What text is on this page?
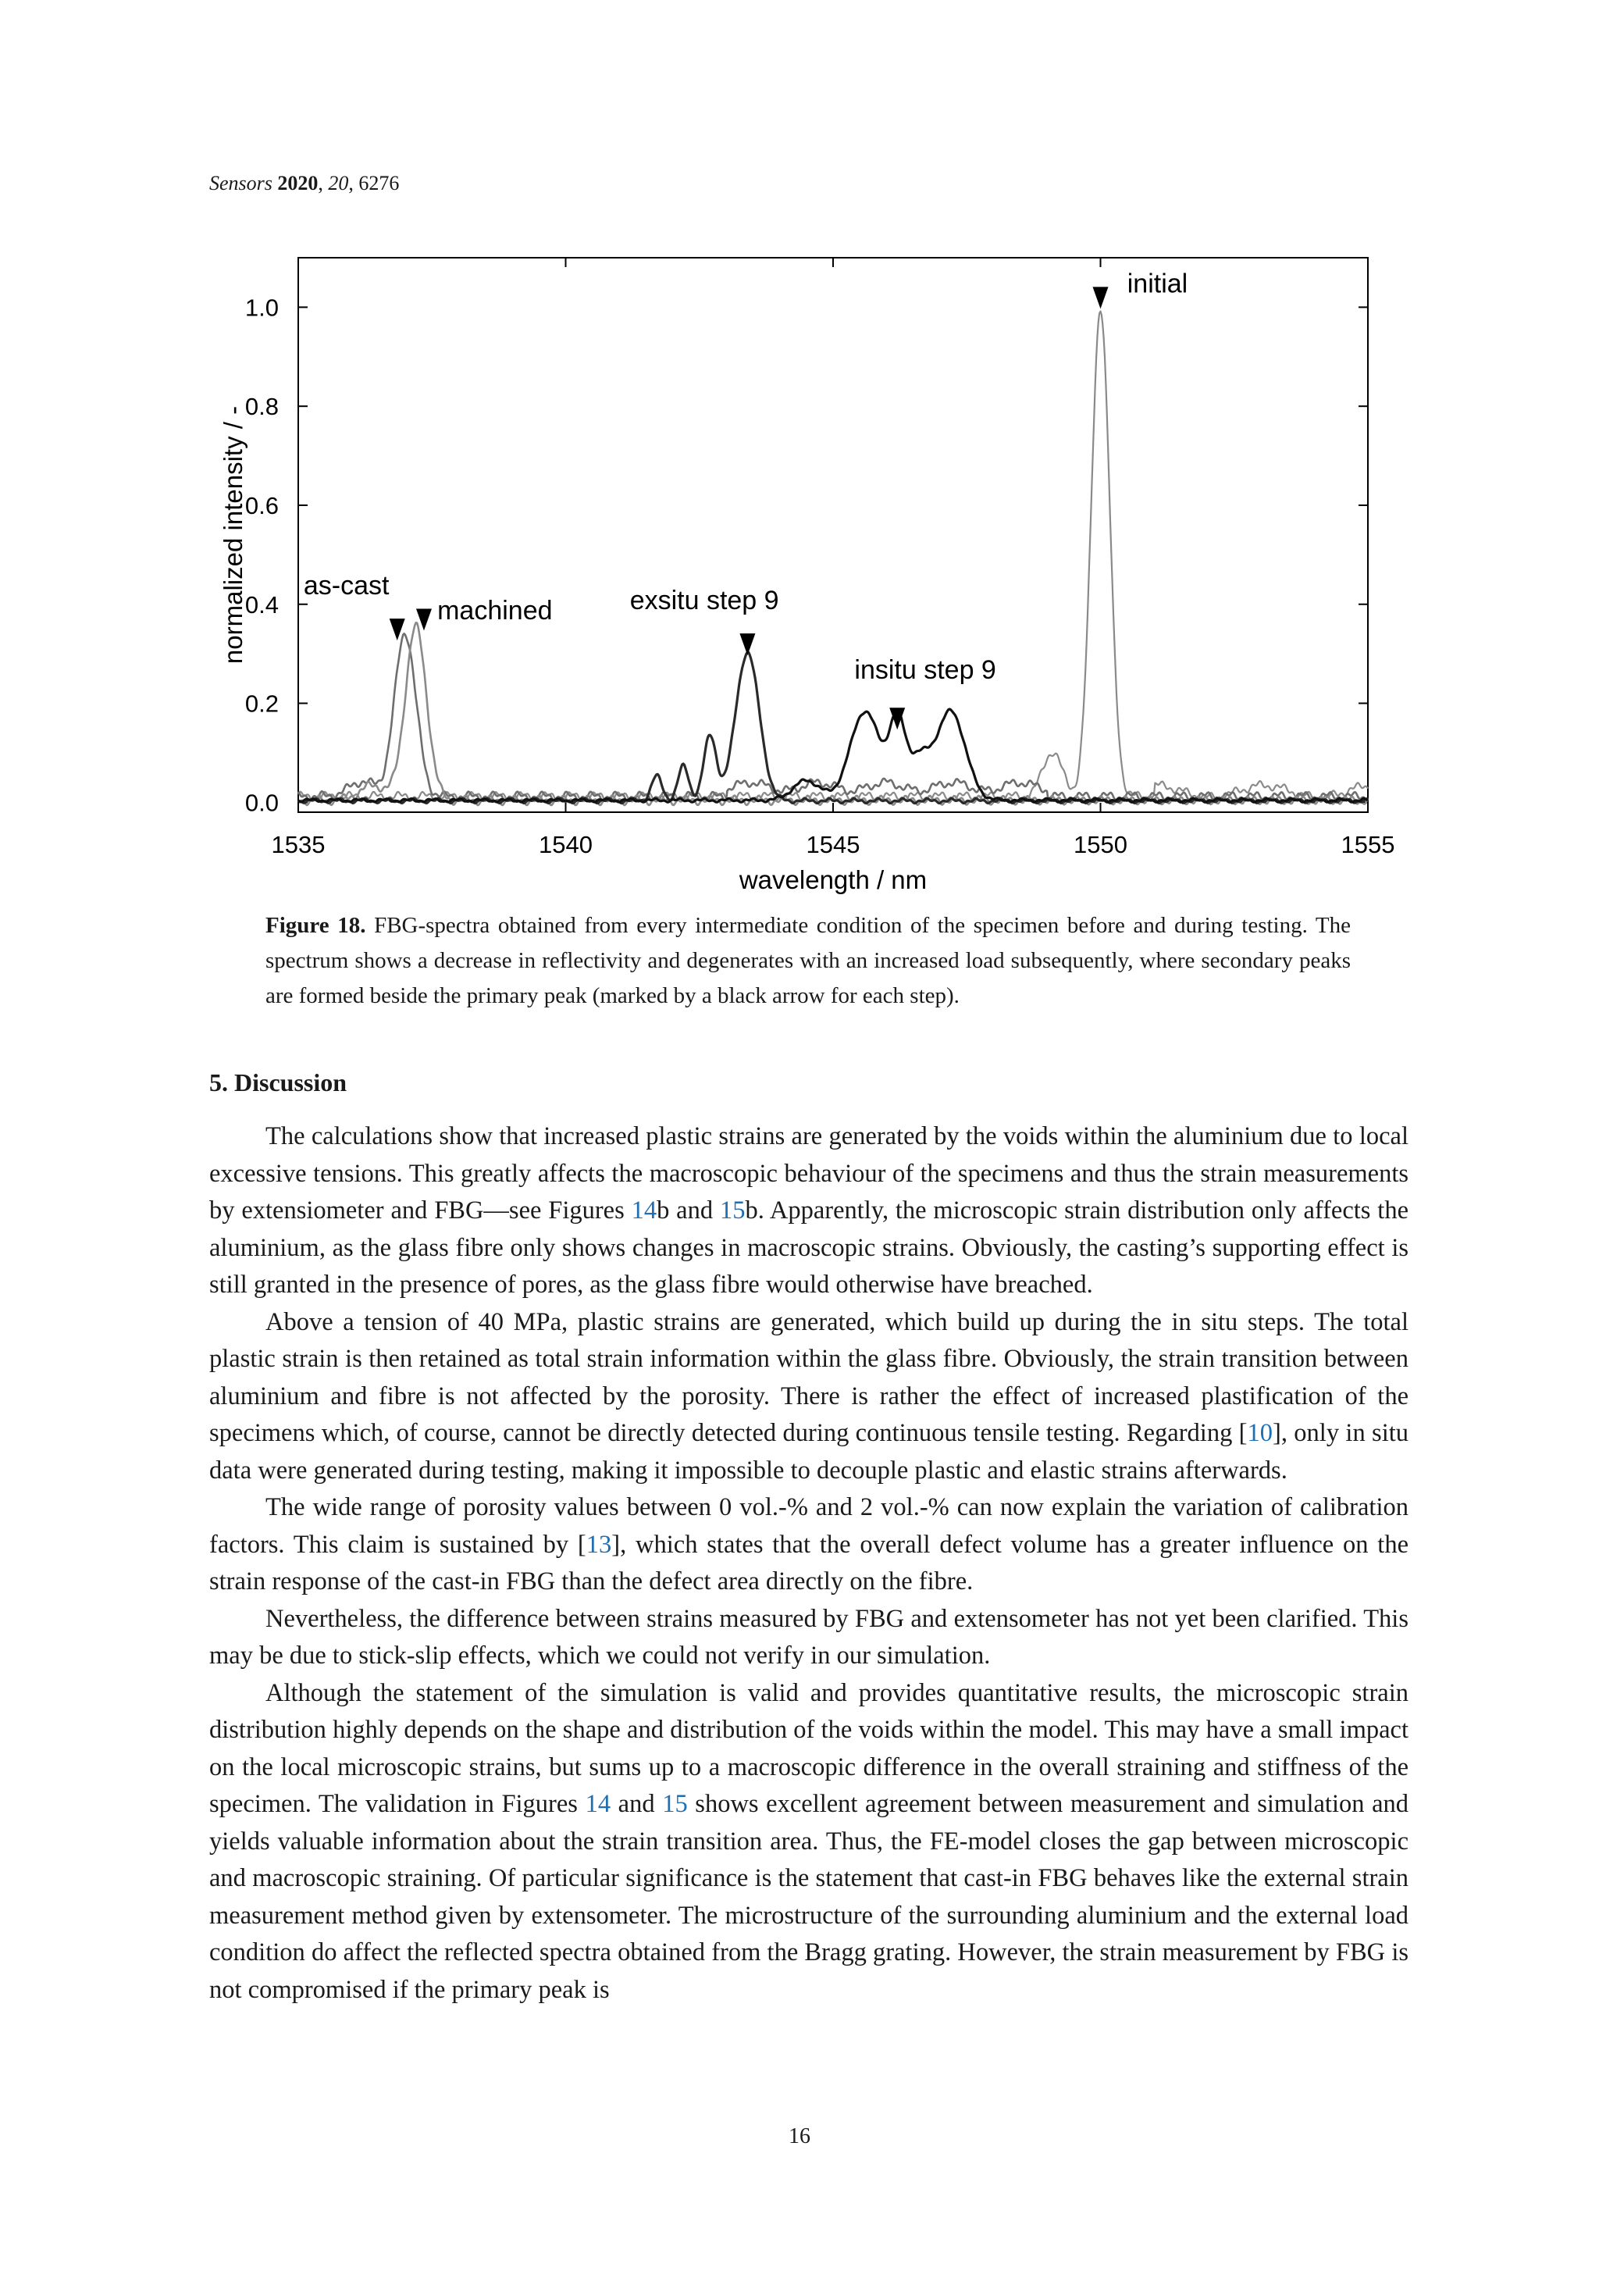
Sensors 2020, 20, 6276
1535	1540	1545	1550	1555
0.0
0.2
0.4
0.6
0.8
1.0
initial
as-cast
machined	exsitu step 9
insitu step 9
wavelength / nm
normalized intensity / -
Figure 18. FBG-spectra obtained from every intermediate condition of the specimen before and during testing. The spectrum shows a decrease in reflectivity and degenerates with an increased load subsequently, where secondary peaks are formed beside the primary peak (marked by a black arrow for each step).
5. Discussion

The calculations show that increased plastic strains are generated by the voids within the aluminium due to local excessive tensions. This greatly affects the macroscopic behaviour of the specimens and thus the strain measurements by extensiometer and FBG—see Figures 14b and 15b. Apparently, the microscopic strain distribution only affects the aluminium, as the glass fibre only shows changes in macroscopic strains. Obviously, the casting’s supporting effect is still granted in the presence of pores, as the glass fibre would otherwise have breached.

Above a tension of 40 MPa, plastic strains are generated, which build up during the in situ steps. The total plastic strain is then retained as total strain information within the glass fibre. Obviously, the strain transition between aluminium and fibre is not affected by the porosity. There is rather the effect of increased plastification of the specimens which, of course, cannot be directly detected during continuous tensile testing. Regarding [10], only in situ data were generated during testing, making it impossible to decouple plastic and elastic strains afterwards.

The wide range of porosity values between 0 vol.-% and 2 vol.-% can now explain the variation of calibration factors. This claim is sustained by [13], which states that the overall defect volume has a greater influence on the strain response of the cast-in FBG than the defect area directly on the fibre.

Nevertheless, the difference between strains measured by FBG and extensometer has not yet been clarified. This may be due to stick-slip effects, which we could not verify in our simulation.

Although the statement of the simulation is valid and provides quantitative results, the microscopic strain distribution highly depends on the shape and distribution of the voids within the model. This may have a small impact on the local microscopic strains, but sums up to a macroscopic difference in the overall straining and stiffness of the specimen. The validation in Figures 14 and 15 shows excellent agreement between measurement and simulation and yields valuable information about the strain transition area. Thus, the FE-model closes the gap between microscopic and macroscopic straining. Of particular significance is the statement that cast-in FBG behaves like the external strain measurement method given by extensometer. The microstructure of the surrounding aluminium and the external load condition do affect the reflected spectra obtained from the Bragg grating. However, the strain measurement by FBG is not compromised if the primary peak is

16
